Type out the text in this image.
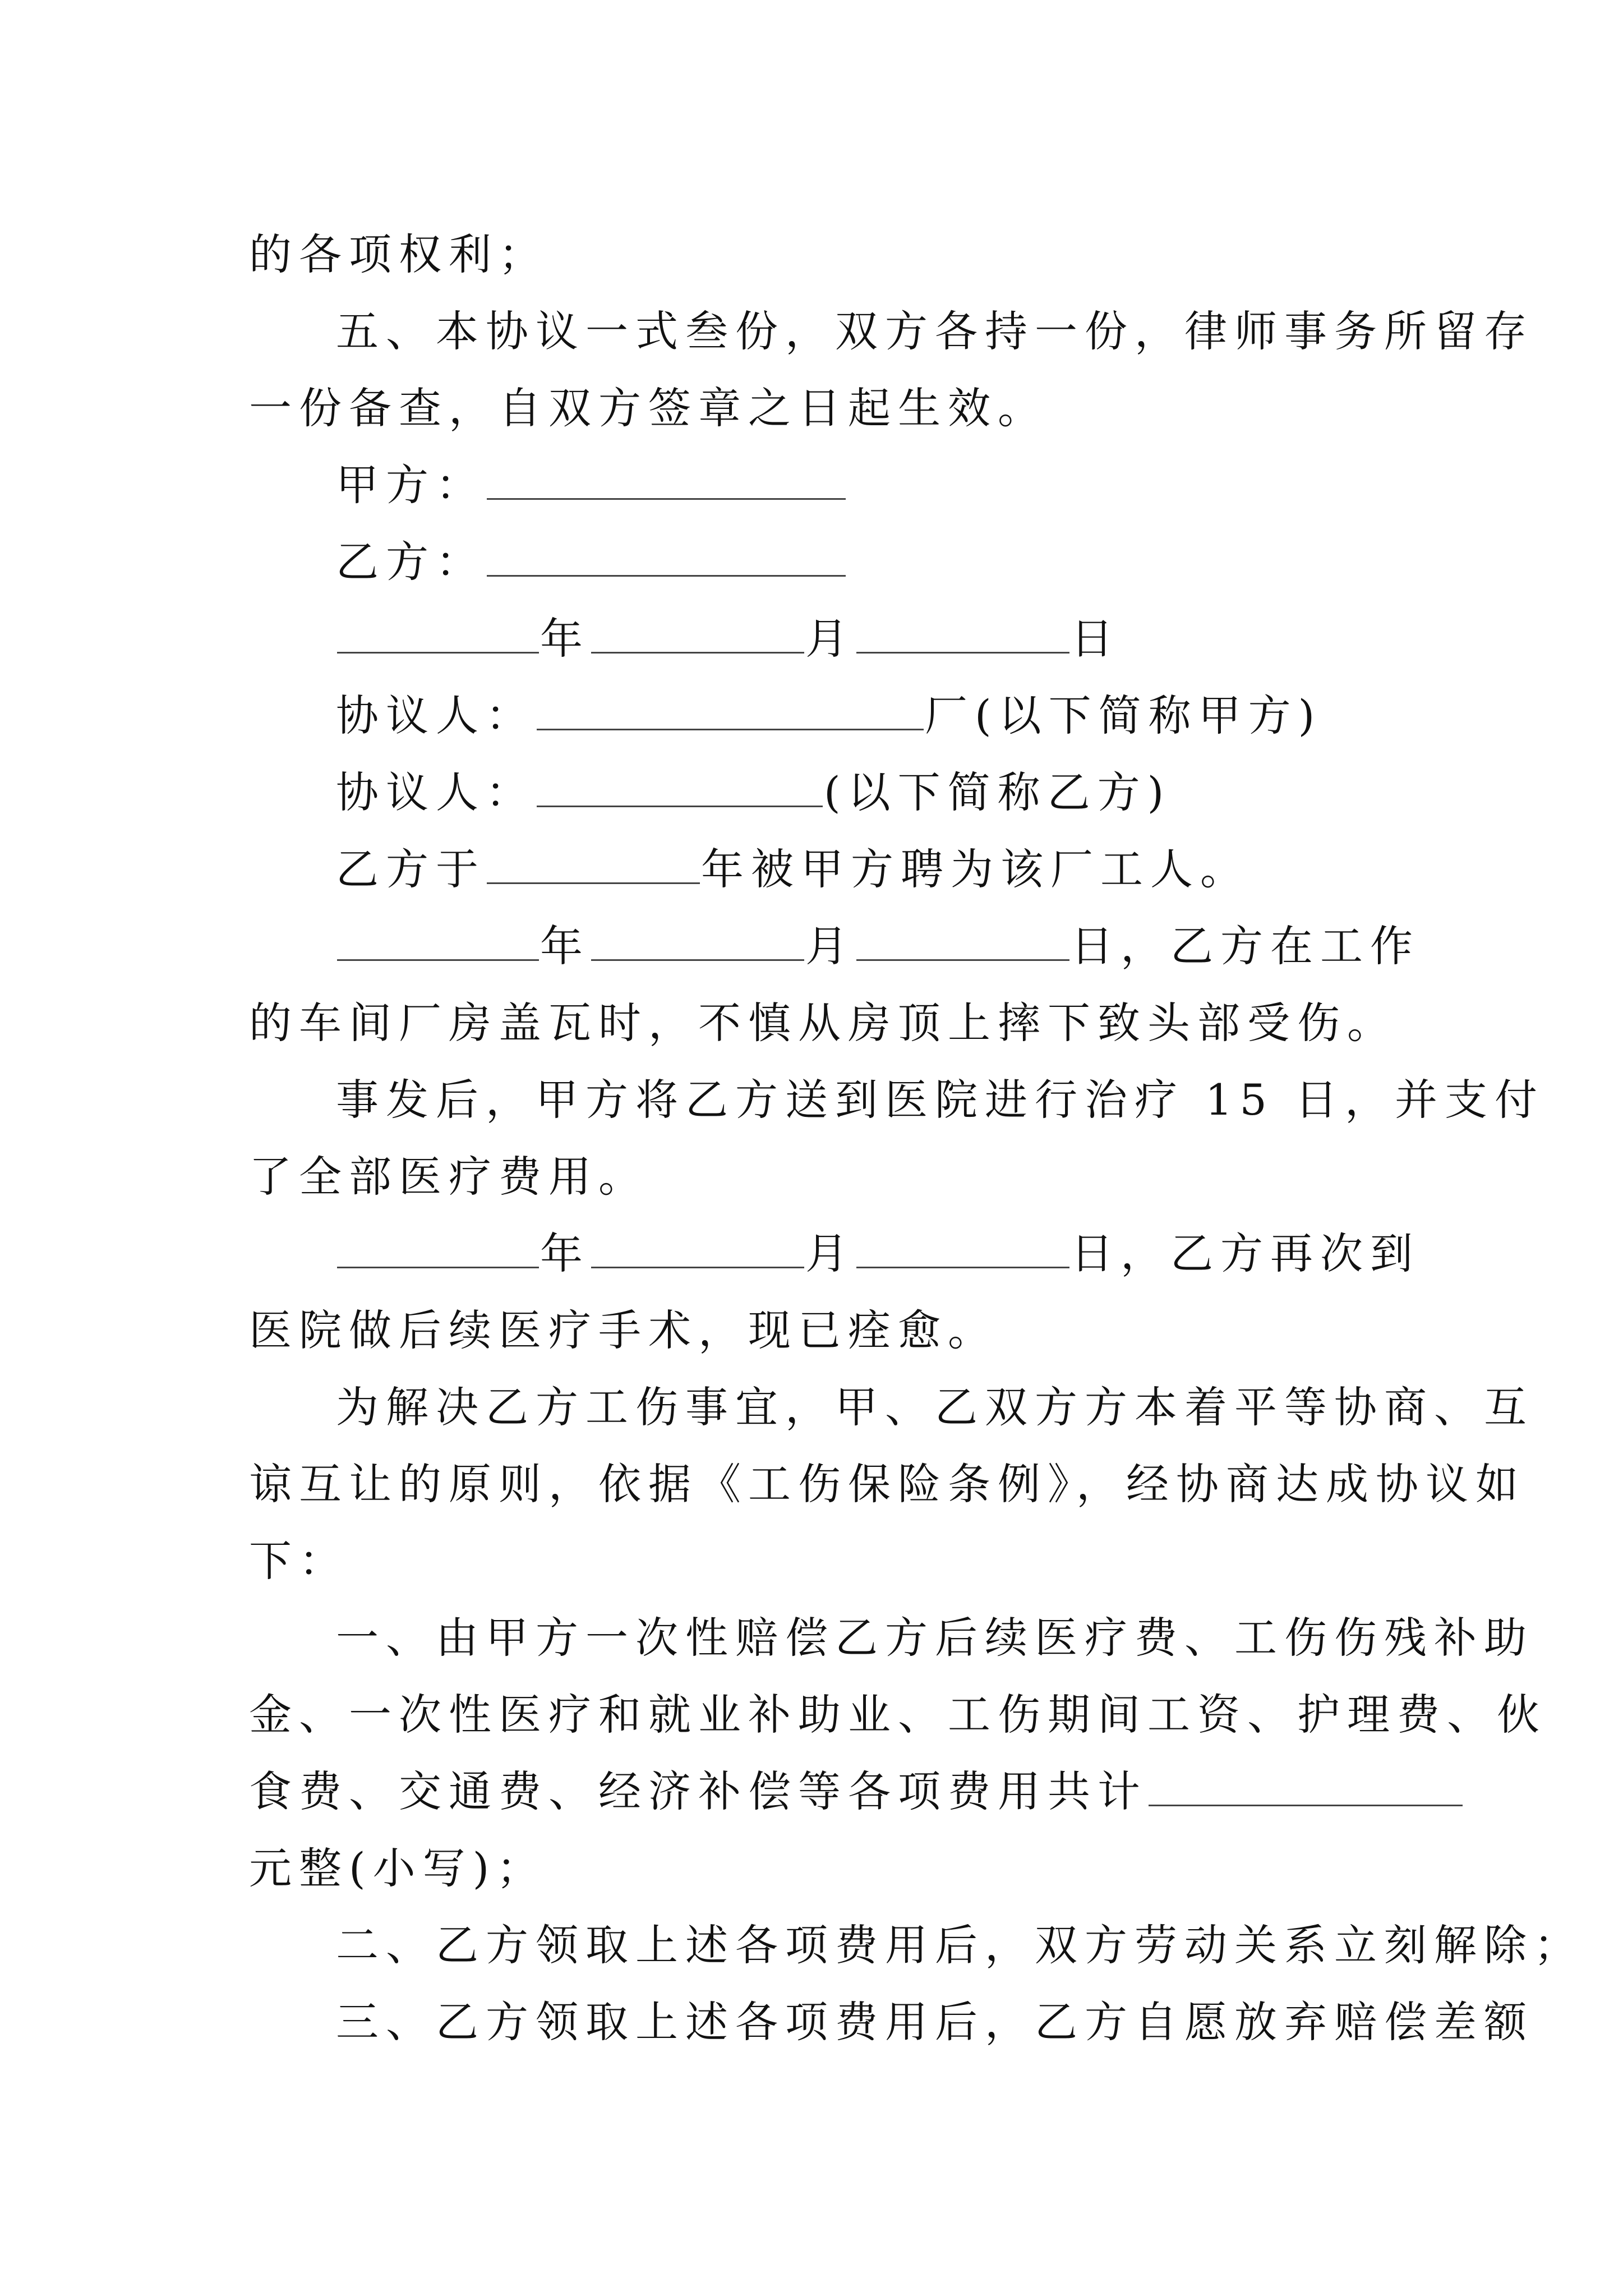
的各项权利；
五、本协议一式叁份，双方各持一份，律师事务所留存
一份备查，自双方签章之日起生效。
甲方：
乙方：
年	月	日
协议人：	厂(以下简称甲方)
协议人：	(以下简称乙方)
乙方于	年被甲方聘为该厂工人。
年	月	日，乙方在工作
的车间厂房盖瓦时，不慎从房顶上摔下致头部受伤。
事发后，甲方将乙方送到医院进行治疗 15 日，并支付
了全部医疗费用。
年	月	日，乙方再次到
医院做后续医疗手术，现已痊愈。
为解决乙方工伤事宜，甲、乙双方方本着平等协商、互
谅互让的原则，依据《工伤保险条例》，经协商达成协议如
下：
一、由甲方一次性赔偿乙方后续医疗费、工伤伤残补助
金、一次性医疗和就业补助业、工伤期间工资、护理费、伙
食费、交通费、经济补偿等各项费用共计
元整(小写)；
二、乙方领取上述各项费用后，双方劳动关系立刻解除；
三、乙方领取上述各项费用后，乙方自愿放弃赔偿差额
